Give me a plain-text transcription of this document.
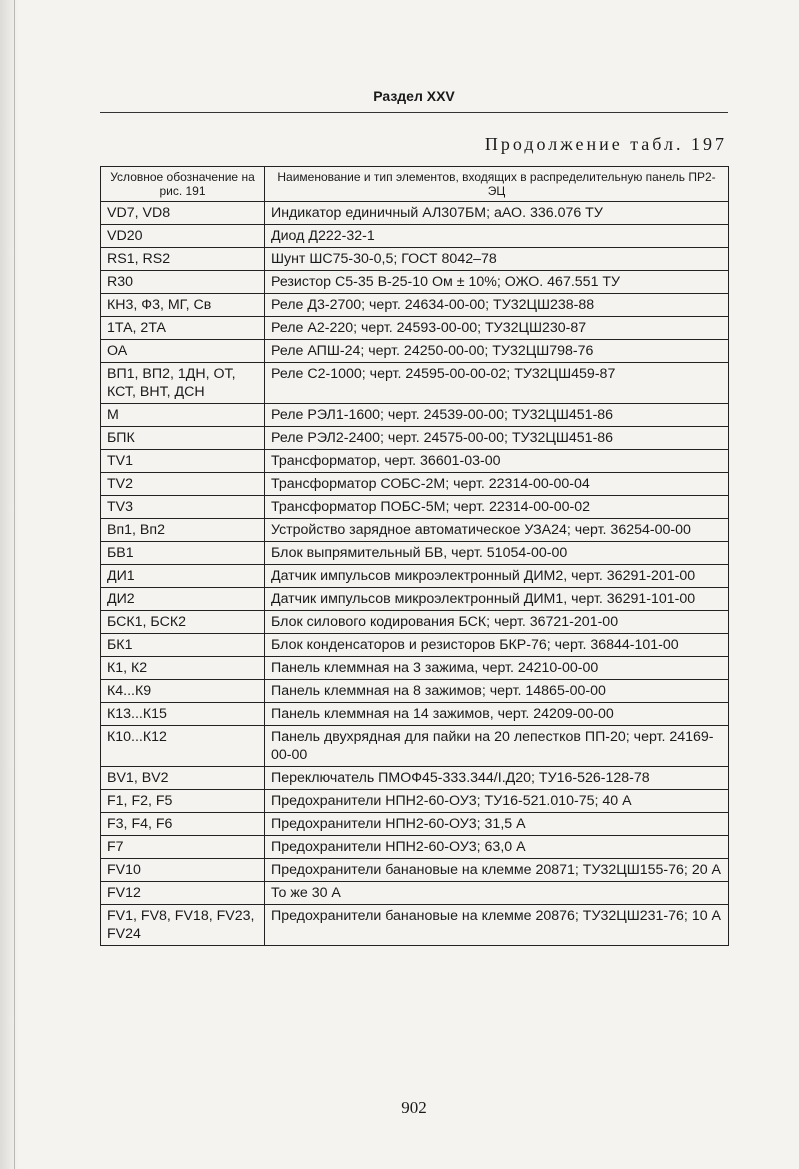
Раздел XXV
Продолжение табл. 197
Условное обозначение на рис. 191	Наименование и тип элементов, входящих в распределительную панель ПР2-ЭЦ
VD7, VD8	Индикатор единичный АЛ307БМ; аАО. 336.076 ТУ
VD20	Диод Д222-32-1
RS1, RS2	Шунт ШС75-30-0,5; ГОСТ 8042–78
R30	Резистор С5-35 В-25-10 Ом ± 10%; ОЖО. 467.551 ТУ
КН3, Ф3, МГ, Св	Реле Д3-2700; черт. 24634-00-00; ТУ32ЦШ238-88
1ТА, 2ТА	Реле А2-220; черт. 24593-00-00; ТУ32ЦШ230-87
ОА	Реле АПШ-24; черт. 24250-00-00; ТУ32ЦШ798-76
ВП1, ВП2, 1ДН, ОТ, КСТ, ВНТ, ДСН	Реле С2-1000; черт. 24595-00-00-02; ТУ32ЦШ459-87
М	Реле РЭЛ1-1600; черт. 24539-00-00; ТУ32ЦШ451-86
БПК	Реле РЭЛ2-2400; черт. 24575-00-00; ТУ32ЦШ451-86
TV1	Трансформатор, черт. 36601-03-00
TV2	Трансформатор СОБС-2М; черт. 22314-00-00-04
TV3	Трансформатор ПОБС-5М; черт. 22314-00-00-02
Вп1, Вп2	Устройство зарядное автоматическое УЗА24; черт. 36254-00-00
БВ1	Блок выпрямительный БВ, черт. 51054-00-00
ДИ1	Датчик импульсов микроэлектронный ДИМ2, черт. 36291-201-00
ДИ2	Датчик импульсов микроэлектронный ДИМ1, черт. 36291-101-00
БСК1, БСК2	Блок силового кодирования БСК; черт. 36721-201-00
БК1	Блок конденсаторов и резисторов БКР-76; черт. 36844-101-00
К1, К2	Панель клеммная на 3 зажима, черт. 24210-00-00
К4...К9	Панель клеммная на 8 зажимов; черт. 14865-00-00
К13...К15	Панель клеммная на 14 зажимов, черт. 24209-00-00
К10...К12	Панель двухрядная для пайки на 20 лепестков ПП-20; черт. 24169-00-00
BV1, BV2	Переключатель ПМОФ45-333.344/I.Д20; ТУ16-526-128-78
F1, F2, F5	Предохранители НПН2-60-ОУ3; ТУ16-521.010-75; 40 А
F3, F4, F6	Предохранители НПН2-60-ОУ3; 31,5 А
F7	Предохранители НПН2-60-ОУ3; 63,0 А
FV10	Предохранители банановые на клемме 20871; ТУ32ЦШ155-76; 20 А
FV12	То же 30 А
FV1, FV8, FV18, FV23, FV24	Предохранители банановые на клемме 20876; ТУ32ЦШ231-76; 10 А
902
